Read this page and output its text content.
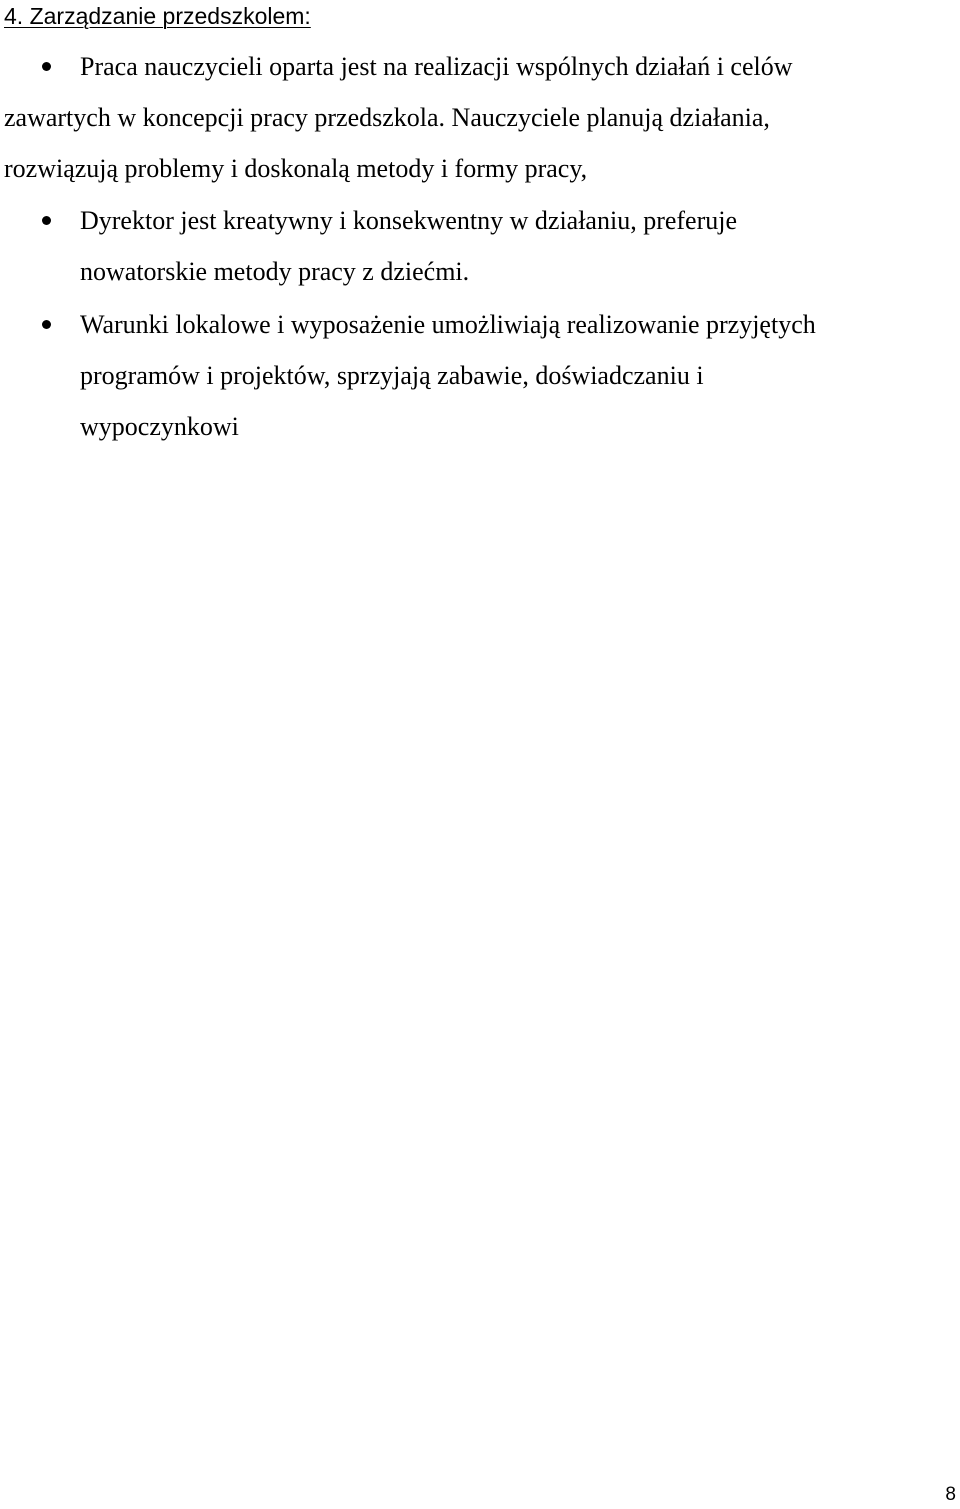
4. Zarządzanie przedszkolem:
Praca nauczycieli oparta jest na realizacji wspólnych działań i celów
zawartych w koncepcji pracy przedszkola. Nauczyciele planują działania,
rozwiązują problemy i doskonalą metody i formy pracy,
Dyrektor jest kreatywny i konsekwentny w działaniu, preferuje
nowatorskie metody pracy z dziećmi.
Warunki lokalowe i wyposażenie umożliwiają realizowanie przyjętych
programów i projektów, sprzyjają zabawie, doświadczaniu i
wypoczynkowi
8
